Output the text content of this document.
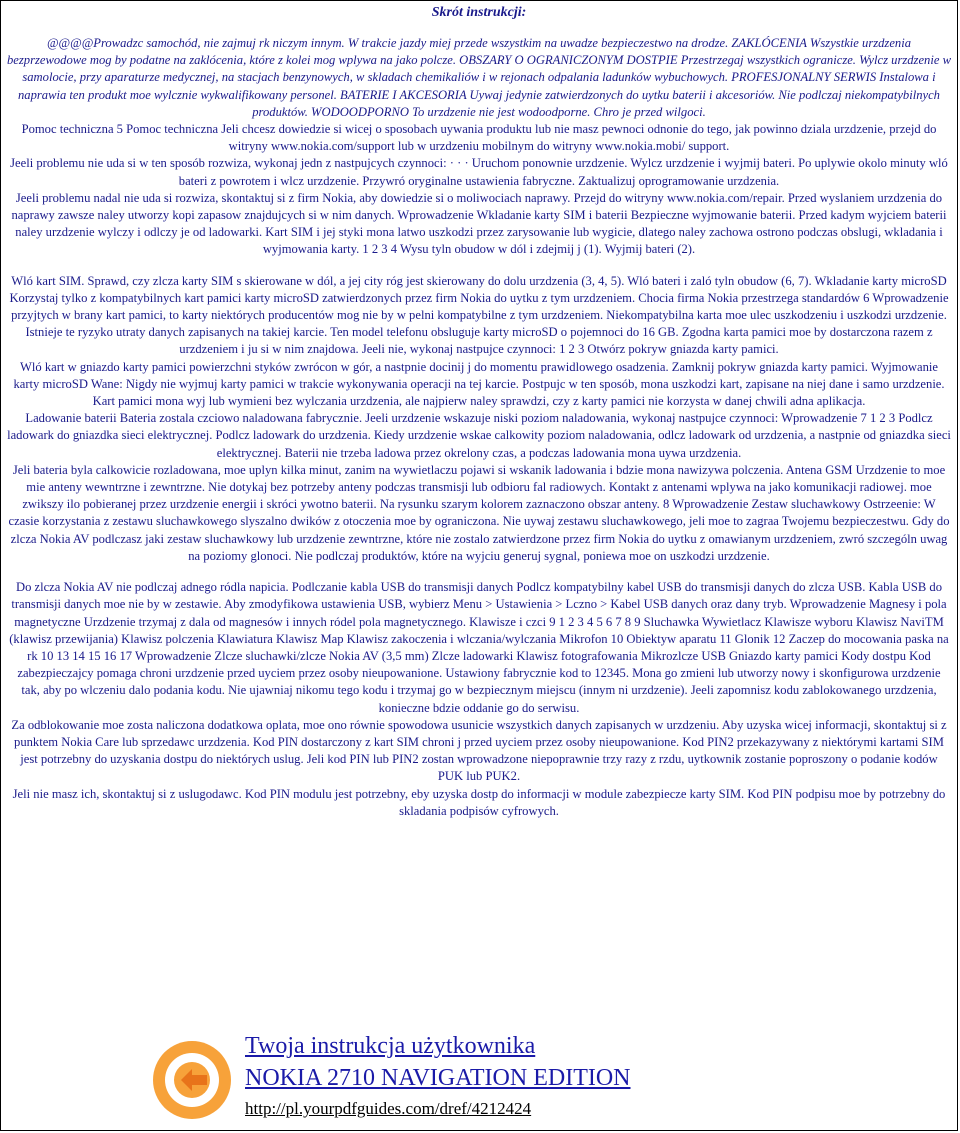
Skrót instrukcji:

@@@@Prowadzc samochód, nie zajmuj rk niczym innym. W trakcie jazdy miej przede wszystkim na uwadze bezpieczestwo na drodze. ZAKLÓCENIA Wszystkie urzdzenia bezprzewodowe mog by podatne na zaklócenia, które z kolei mog wplywa na jako polcze. OBSZARY O OGRANICZONYM DOSTPIE Przestrzegaj wszystkich ogranicze. Wylcz urzdzenie w samolocie, przy aparaturze medycznej, na stacjach benzynowych, w skladach chemikaliów i w rejonach odpalania ladunków wybuchowych. PROFESJONALNY SERWIS Instalowa i naprawia ten produkt moe wylcznie wykwalifikowany personel. BATERIE I AKCESORIA Uywaj jedynie zatwierdzonych do uytku baterii i akcesoriów. Nie podlczaj niekompatybilnych produktów. WODOODPORNO To urzdzenie nie jest wodoodporne. Chro je przed wilgoci.

Pomoc techniczna 5 Pomoc techniczna Jeli chcesz dowiedzie si wicej o sposobach uywania produktu lub nie masz pewnoci odnonie do tego, jak powinno dziala urzdzenie, przejd do witryny www.nokia.com/support lub w urzdzeniu mobilnym do witryny www.nokia.mobi/ support.

Jeeli problemu nie uda si w ten sposób rozwiza, wykonaj jedn z nastpujcych czynnoci: · · · Uruchom ponownie urzdzenie. Wylcz urzdzenie i wyjmij bateri. Po uplywie okolo minuty wló bateri z powrotem i wlcz urzdzenie. Przywró oryginalne ustawienia fabryczne. Zaktualizuj oprogramowanie urzdzenia.

Jeeli problemu nadal nie uda si rozwiza, skontaktuj si z firm Nokia, aby dowiedzie si o moliwociach naprawy. Przejd do witryny www.nokia.com/repair. Przed wyslaniem urzdzenia do naprawy zawsze naley utworzy kopi zapasow znajdujcych si w nim danych. Wprowadzenie Wkladanie karty SIM i baterii Bezpieczne wyjmowanie baterii. Przed kadym wyjciem baterii naley urzdzenie wylczy i odlczy je od ladowarki. Kart SIM i jej styki mona latwo uszkodzi przez zarysowanie lub wygicie, dlatego naley zachowa ostrono podczas obslugi, wkladania i wyjmowania karty. 1 2 3 4 Wysu tyln obudow w dól i zdejmij j (1). Wyjmij bateri (2).

Wló kart SIM. Sprawd, czy zlcza karty SIM s skierowane w dól, a jej city róg jest skierowany do dolu urzdzenia (3, 4, 5). Wló bateri i zaló tyln obudow (6, 7). Wkladanie karty microSD Korzystaj tylko z kompatybilnych kart pamici karty microSD zatwierdzonych przez firm Nokia do uytku z tym urzdzeniem. Chocia firma Nokia przestrzega standardów 6 Wprowadzenie przyjtych w brany kart pamici, to karty niektórych producentów mog nie by w pelni kompatybilne z tym urzdzeniem. Niekompatybilna karta moe ulec uszkodzeniu i uszkodzi urzdzenie. Istnieje te ryzyko utraty danych zapisanych na takiej karcie. Ten model telefonu obsluguje karty microSD o pojemnoci do 16 GB. Zgodna karta pamici moe by dostarczona razem z urzdzeniem i ju si w nim znajdowa. Jeeli nie, wykonaj nastpujce czynnoci: 1 2 3 Otwórz pokryw gniazda karty pamici.

Wló kart w gniazdo karty pamici powierzchni styków zwrócon w gór, a nastpnie docinij j do momentu prawidlowego osadzenia. Zamknij pokryw gniazda karty pamici. Wyjmowanie karty microSD Wane: Nigdy nie wyjmuj karty pamici w trakcie wykonywania operacji na tej karcie. Postpujc w ten sposób, mona uszkodzi kart, zapisane na niej dane i samo urzdzenie. Kart pamici mona wyj lub wymieni bez wylczania urzdzenia, ale najpierw naley sprawdzi, czy z karty pamici nie korzysta w danej chwili adna aplikacja.

Ladowanie baterii Bateria zostala czciowo naladowana fabrycznie. Jeeli urzdzenie wskazuje niski poziom naladowania, wykonaj nastpujce czynnoci: Wprowadzenie 7 1 2 3 Podlcz ladowark do gniazdka sieci elektrycznej. Podlcz ladowark do urzdzenia. Kiedy urzdzenie wskae calkowity poziom naladowania, odlcz ladowark od urzdzenia, a nastpnie od gniazdka sieci elektrycznej. Baterii nie trzeba ladowa przez okrelony czas, a podczas ladowania mona uywa urzdzenia.

Jeli bateria byla calkowicie rozladowana, moe uplyn kilka minut, zanim na wywietlaczu pojawi si wskanik ladowania i bdzie mona nawizywa polczenia. Antena GSM Urzdzenie to moe mie anteny wewntrzne i zewntrzne. Nie dotykaj bez potrzeby anteny podczas transmisji lub odbioru fal radiowych. Kontakt z antenami wplywa na jako komunikacji radiowej. moe zwikszy ilo pobieranej przez urzdzenie energii i skróci ywotno baterii. Na rysunku szarym kolorem zaznaczono obszar anteny. 8 Wprowadzenie Zestaw sluchawkowy Ostrzeenie: W czasie korzystania z zestawu sluchawkowego slyszalno dwików z otoczenia moe by ograniczona. Nie uywaj zestawu sluchawkowego, jeli moe to zagraa Twojemu bezpieczestwu. Gdy do zlcza Nokia AV podlczasz jaki zestaw sluchawkowy lub urzdzenie zewntrzne, które nie zostalo zatwierdzone przez firm Nokia do uytku z omawianym urzdzeniem, zwró szczególn uwag na poziomy glonoci. Nie podlczaj produktów, które na wyjciu generuj sygnal, poniewa moe on uszkodzi urzdzenie.

Do zlcza Nokia AV nie podlczaj adnego ródla napicia. Podlczanie kabla USB do transmisji danych Podlcz kompatybilny kabel USB do transmisji danych do zlcza USB. Kabla USB do transmisji danych moe nie by w zestawie. Aby zmodyfikowa ustawienia USB, wybierz Menu > Ustawienia > Lczno > Kabel USB danych oraz dany tryb. Wprowadzenie Magnesy i pola magnetyczne Urzdzenie trzymaj z dala od magnesów i innych ródel pola magnetycznego. Klawisze i czci 9 1 2 3 4 5 6 7 8 9 Sluchawka Wywietlacz Klawisze wyboru Klawisz NaviTM (klawisz przewijania) Klawisz polczenia Klawiatura Klawisz Map Klawisz zakoczenia i wlczania/wylczania Mikrofon 10 Obiektyw aparatu 11 Glonik 12 Zaczep do mocowania paska na rk 10 13 14 15 16 17 Wprowadzenie Zlcze sluchawki/zlcze Nokia AV (3,5 mm) Zlcze ladowarki Klawisz fotografowania Mikrozlcze USB Gniazdo karty pamici Kody dostpu Kod zabezpieczajcy pomaga chroni urzdzenie przed uyciem przez osoby nieupowanione. Ustawiony fabrycznie kod to 12345. Mona go zmieni lub utworzy nowy i skonfigurowa urzdzenie tak, aby po wlczeniu dalo podania kodu. Nie ujawniaj nikomu tego kodu i trzymaj go w bezpiecznym miejscu (innym ni urzdzenie). Jeeli zapomnisz kodu zablokowanego urzdzenia, konieczne bdzie oddanie go do serwisu.

Za odblokowanie moe zosta naliczona dodatkowa oplata, moe ono równie spowodowa usunicie wszystkich danych zapisanych w urzdzeniu. Aby uzyska wicej informacji, skontaktuj si z punktem Nokia Care lub sprzedawc urzdzenia. Kod PIN dostarczony z kart SIM chroni j przed uyciem przez osoby nieupowanione. Kod PIN2 przekazywany z niektórymi kartami SIM jest potrzebny do uzyskania dostpu do niektórych uslug. Jeli kod PIN lub PIN2 zostan wprowadzone niepoprawnie trzy razy z rzdu, uytkownik zostanie poproszony o podanie kodów PUK lub PUK2.

Jeli nie masz ich, skontaktuj si z uslugodawc. Kod PIN modulu jest potrzebny, eby uzyska dostp do informacji w module zabezpiecze karty SIM. Kod PIN podpisu moe by potrzebny do skladania podpisów cyfrowych.

Twoja instrukcja użytkownika
NOKIA 2710 NAVIGATION EDITION
http://pl.yourpdfguides.com/dref/4212424
